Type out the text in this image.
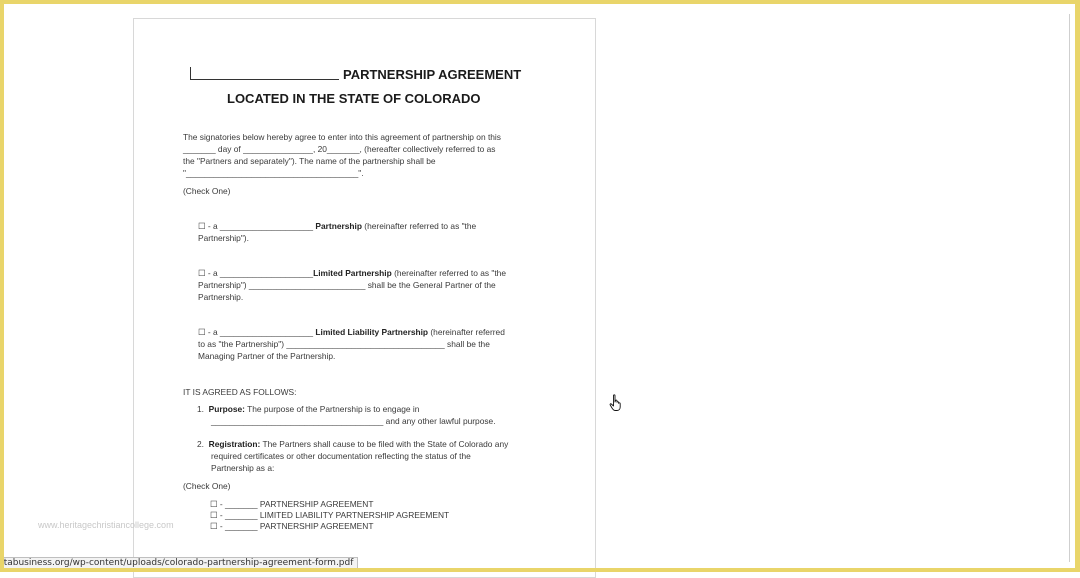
PARTNERSHIP AGREEMENT
LOCATED IN THE STATE OF COLORADO
The signatories below hereby agree to enter into this agreement of partnership on this
_______ day of _______________, 20_______, (hereafter collectively referred to as
the "Partners and separately"). The name of the partnership shall be
"_____________________________________".
(Check One)
☐ - a ____________________ Partnership (hereinafter referred to as "the
Partnership").
☐ - a ____________________Limited Partnership (hereinafter referred to as "the
Partnership") _________________________ shall be the General Partner of the
Partnership.
☐ - a ____________________ Limited Liability Partnership (hereinafter referred
to as "the Partnership") __________________________________ shall be the
Managing Partner of the Partnership.
IT IS AGREED AS FOLLOWS:
1. Purpose: The purpose of the Partnership is to engage in
_____________________________________ and any other lawful purpose.
2. Registration: The Partners shall cause to be filed with the State of Colorado any
required certificates or other documentation reflecting the status of the
Partnership as a:
(Check One)
☐ - _______ PARTNERSHIP AGREEMENT
☐ - _______ LIMITED LIABILITY PARTNERSHIP AGREEMENT
☐ - _______ PARTNERSHIP AGREEMENT
www.heritagechristiancollege.com
rtabusiness.org/wp-content/uploads/colorado-partnership-agreement-form.pdf
